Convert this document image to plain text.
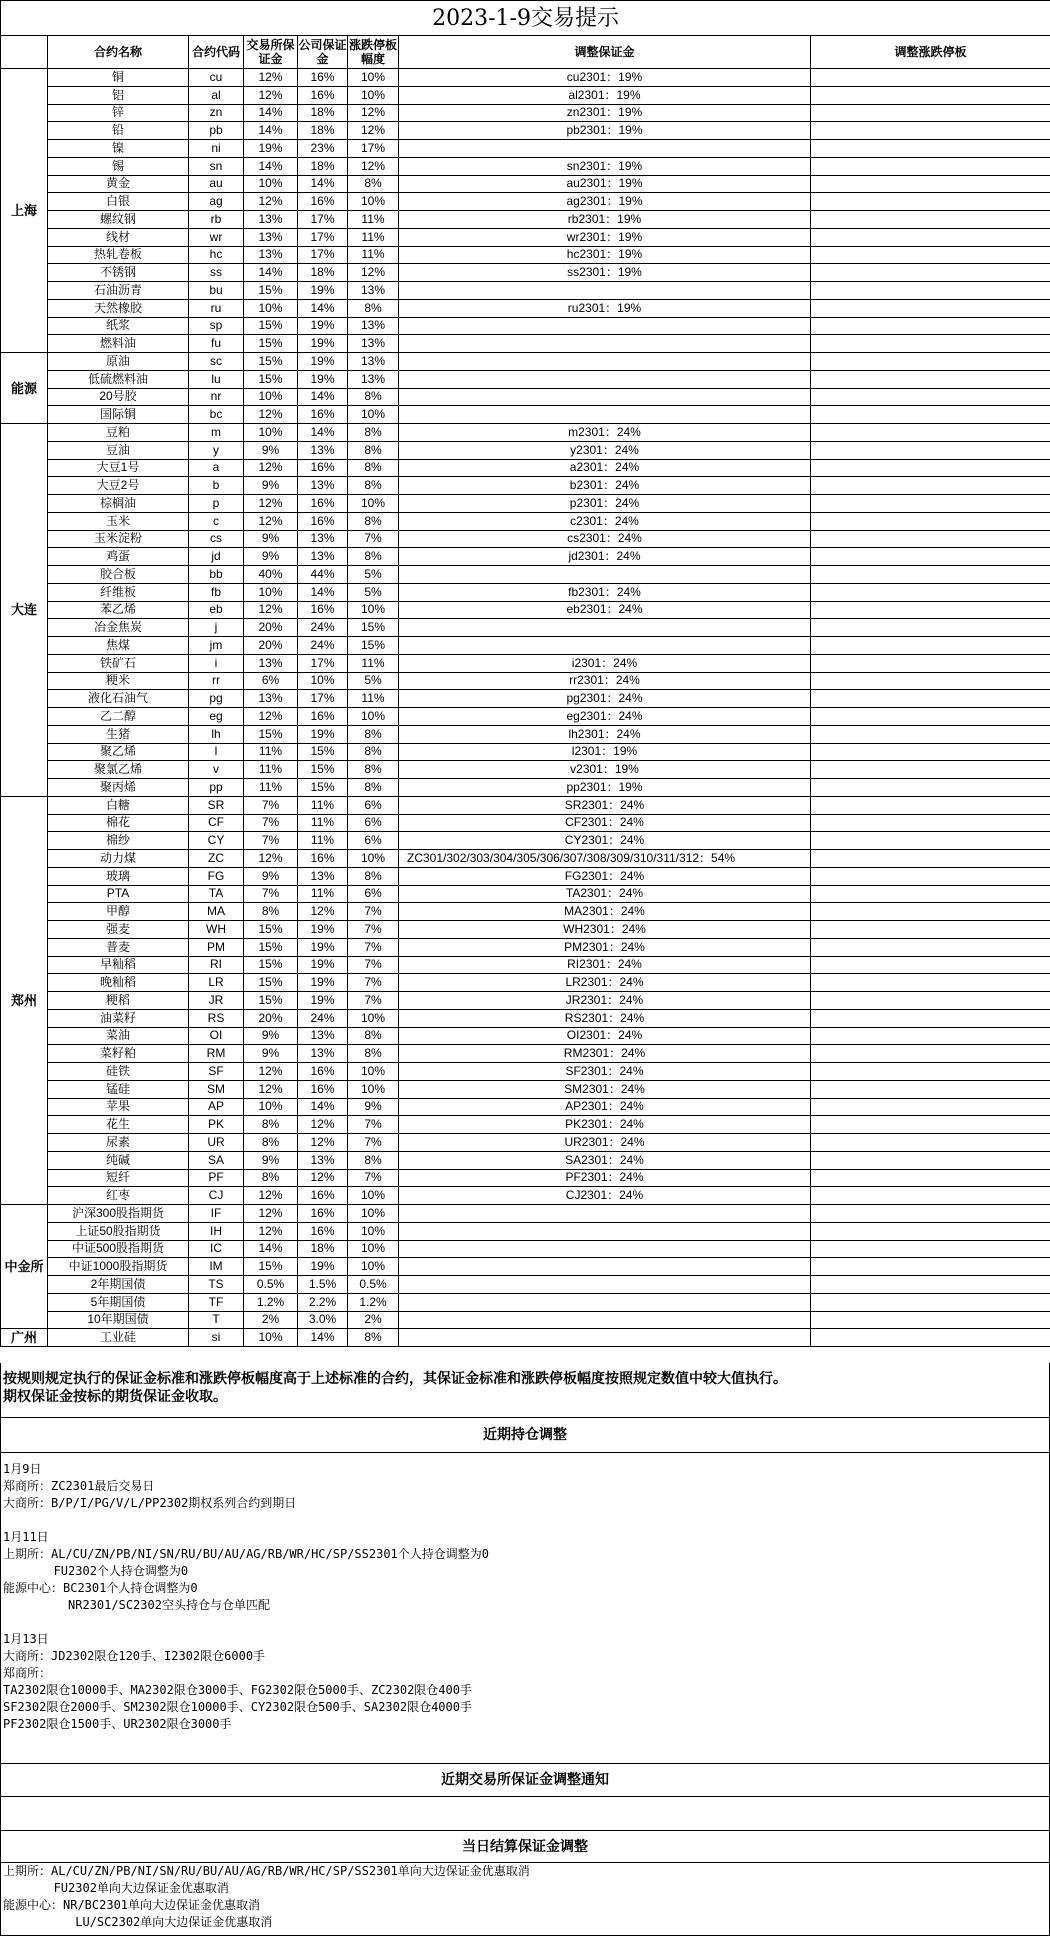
2023-1-9交易提示							
	合约名称	合约代码	交易所保证金	公司保证金	涨跌停板幅度	调整保证金	调整涨跌停板
上海	铜	cu	12%	16%	10%	cu2301：19%	
	铝	al	12%	16%	10%	al2301：19%	
	锌	zn	14%	18%	12%	zn2301：19%	
	铅	pb	14%	18%	12%	pb2301：19%	
	镍	ni	19%	23%	17%		
	锡	sn	14%	18%	12%	sn2301：19%	
	黄金	au	10%	14%	8%	au2301：19%	
	白银	ag	12%	16%	10%	ag2301：19%	
	螺纹钢	rb	13%	17%	11%	rb2301：19%	
	线材	wr	13%	17%	11%	wr2301：19%	
	热轧卷板	hc	13%	17%	11%	hc2301：19%	
	不锈钢	ss	14%	18%	12%	ss2301：19%	
	石油沥青	bu	15%	19%	13%		
	天然橡胶	ru	10%	14%	8%	ru2301：19%	
	纸浆	sp	15%	19%	13%		
	燃料油	fu	15%	19%	13%		
能源	原油	sc	15%	19%	13%		
	低硫燃料油	lu	15%	19%	13%		
	20号胶	nr	10%	14%	8%		
	国际铜	bc	12%	16%	10%		
大连	豆粕	m	10%	14%	8%	m2301：24%	
	豆油	y	9%	13%	8%	y2301：24%	
	大豆1号	a	12%	16%	8%	a2301：24%	
	大豆2号	b	9%	13%	8%	b2301：24%	
	棕榈油	p	12%	16%	10%	p2301：24%	
	玉米	c	12%	16%	8%	c2301：24%	
	玉米淀粉	cs	9%	13%	7%	cs2301：24%	
	鸡蛋	jd	9%	13%	8%	jd2301：24%	
	胶合板	bb	40%	44%	5%		
	纤维板	fb	10%	14%	5%	fb2301：24%	
	苯乙烯	eb	12%	16%	10%	eb2301：24%	
	冶金焦炭	j	20%	24%	15%		
	焦煤	jm	20%	24%	15%		
	铁矿石	i	13%	17%	11%	i2301：24%	
	粳米	rr	6%	10%	5%	rr2301：24%	
	液化石油气	pg	13%	17%	11%	pg2301：24%	
	乙二醇	eg	12%	16%	10%	eg2301：24%	
	生猪	lh	15%	19%	8%	lh2301：24%	
	聚乙烯	l	11%	15%	8%	l2301：19%	
	聚氯乙烯	v	11%	15%	8%	v2301：19%	
	聚丙烯	pp	11%	15%	8%	pp2301：19%	
郑州	白糖	SR	7%	11%	6%	SR2301：24%	
	棉花	CF	7%	11%	6%	CF2301：24%	
	棉纱	CY	7%	11%	6%	CY2301：24%	
	动力煤	ZC	12%	16%	10%	ZC301/302/303/304/305/306/307/308/309/310/311/312：54%	
	玻璃	FG	9%	13%	8%	FG2301：24%	
	PTA	TA	7%	11%	6%	TA2301：24%	
	甲醇	MA	8%	12%	7%	MA2301：24%	
	强麦	WH	15%	19%	7%	WH2301：24%	
	普麦	PM	15%	19%	7%	PM2301：24%	
	早籼稻	RI	15%	19%	7%	RI2301：24%	
	晚籼稻	LR	15%	19%	7%	LR2301：24%	
	粳稻	JR	15%	19%	7%	JR2301：24%	
	油菜籽	RS	20%	24%	10%	RS2301：24%	
	菜油	OI	9%	13%	8%	OI2301：24%	
	菜籽粕	RM	9%	13%	8%	RM2301：24%	
	硅铁	SF	12%	16%	10%	SF2301：24%	
	锰硅	SM	12%	16%	10%	SM2301：24%	
	苹果	AP	10%	14%	9%	AP2301：24%	
	花生	PK	8%	12%	7%	PK2301：24%	
	尿素	UR	8%	12%	7%	UR2301：24%	
	纯碱	SA	9%	13%	8%	SA2301：24%	
	短纤	PF	8%	12%	7%	PF2301：24%	
	红枣	CJ	12%	16%	10%	CJ2301：24%	
中金所	沪深300股指期货	IF	12%	16%	10%		
	上证50股指期货	IH	12%	16%	10%		
	中证500股指期货	IC	14%	18%	10%		
	中证1000股指期货	IM	15%	19%	10%		
	2年期国债	TS	0.5%	1.5%	0.5%		
	5年期国债	TF	1.2%	2.2%	1.2%		
	10年期国债	T	2%	3.0%	2%		
广州	工业硅	si	10%	14%	8%		
按规则规定执行的保证金标准和涨跌停板幅度高于上述标准的合约，其保证金标准和涨跌停板幅度按照规定数值中较大值执行。
期权保证金按标的期货保证金收取。
近期持仓调整
1月9日
郑商所：ZC2301最后交易日
大商所：B/P/I/PG/V/L/PP2302期权系列合约到期日

1月11日
上期所：AL/CU/ZN/PB/NI/SN/RU/BU/AU/AG/RB/WR/HC/SP/SS2301个人持仓调整为0
FU2302个人持仓调整为0
能源中心：BC2301个人持仓调整为0
NR2301/SC2302空头持仓与仓单匹配

1月13日
大商所：JD2302限仓120手、I2302限仓6000手
郑商所：
TA2302限仓10000手、MA2302限仓3000手、FG2302限仓5000手、ZC2302限仓400手
SF2302限仓2000手、SM2302限仓10000手、CY2302限仓500手、SA2302限仓4000手
PF2302限仓1500手、UR2302限仓3000手
近期交易所保证金调整通知
当日结算保证金调整
上期所：AL/CU/ZN/PB/NI/SN/RU/BU/AU/AG/RB/WR/HC/SP/SS2301单向大边保证金优惠取消
FU2302单向大边保证金优惠取消
能源中心：NR/BC2301单向大边保证金优惠取消
LU/SC2302单向大边保证金优惠取消
